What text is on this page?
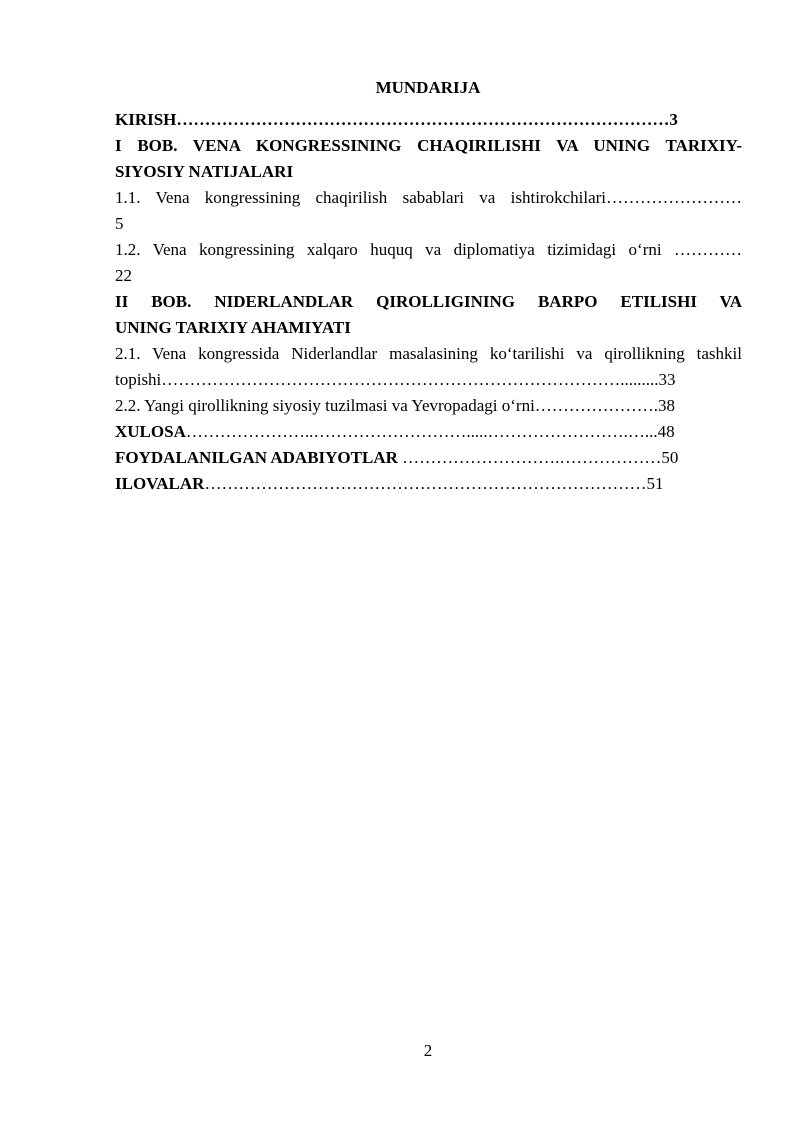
MUNDARIJA
KIRISH……………………………………………………………………………3
I BOB. VENA KONGRESSINING CHAQIRILISHI VA UNING TARIXIY-
SIYOSIY NATIJALARI
1.1. Vena kongressining chaqirilish sabablari va ishtirokchilari……………………
5
1.2. Vena kongressining xalqaro huquq va diplomatiya tizimidagi oʻrni …………
22
II BOB. NIDERLANDLAR QIROLLIGINING BARPO ETILISHI VA
UNING TARIXIY AHAMIYATI
2.1. Vena kongressida Niderlandlar masalasining koʻtarilishi va qirollikning tashkil
topishi……………………………………………………………………….........33
2.2. Yangi qirollikning siyosiy tuzilmasi va Yevropadagi oʻrni………………….38
XULOSA…………………..……………………….....…………………….…...48
FOYDALANILGAN ADABIYOTLAR ……………………….………………50
ILOVALAR……………………………………………………………………51
2
